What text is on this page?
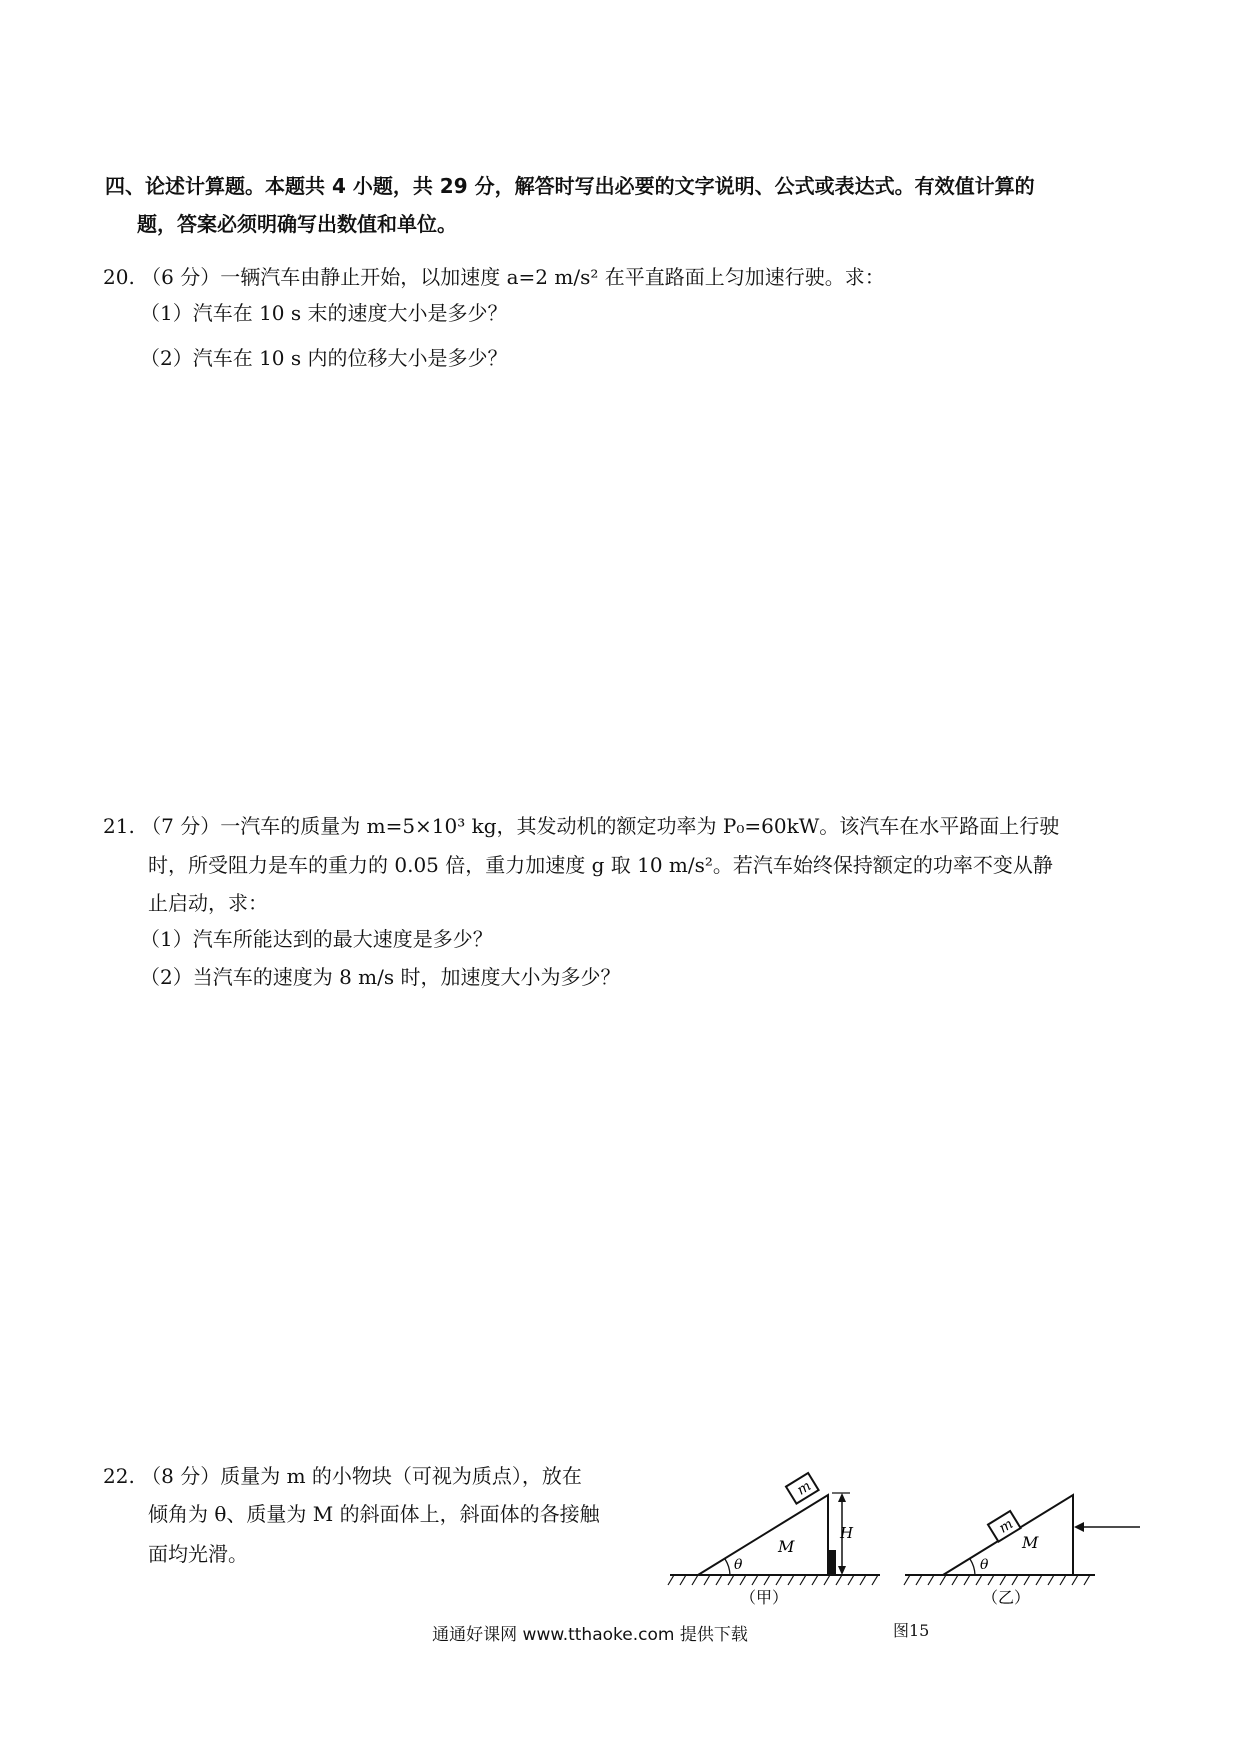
四、论述计算题。本题共 4 小题，共 29 分，解答时写出必要的文字说明、公式或表达式。有效值计算的
题，答案必须明确写出数值和单位。
20. （6 分）一辆汽车由静止开始，以加速度 a=2 m/s² 在平直路面上匀加速行驶。求：
（1）汽车在 10 s 末的速度大小是多少？
（2）汽车在 10 s 内的位移大小是多少？
21. （7 分）一汽车的质量为 m=5×10³ kg，其发动机的额定功率为 P₀=60kW。该汽车在水平路面上行驶
时，所受阻力是车的重力的 0.05 倍，重力加速度 g 取 10 m/s²。若汽车始终保持额定的功率不变从静
止启动，求：
（1）汽车所能达到的最大速度是多少？
（2）当汽车的速度为 8 m/s 时，加速度大小为多少？
22. （8 分）质量为 m 的小物块（可视为质点），放在
倾角为 θ、质量为 M 的斜面体上，斜面体的各接触
面均光滑。
m
H
M
θ
（甲）
m
M
θ
（乙）
图15
通通好课网 www.tthaoke.com 提供下载
